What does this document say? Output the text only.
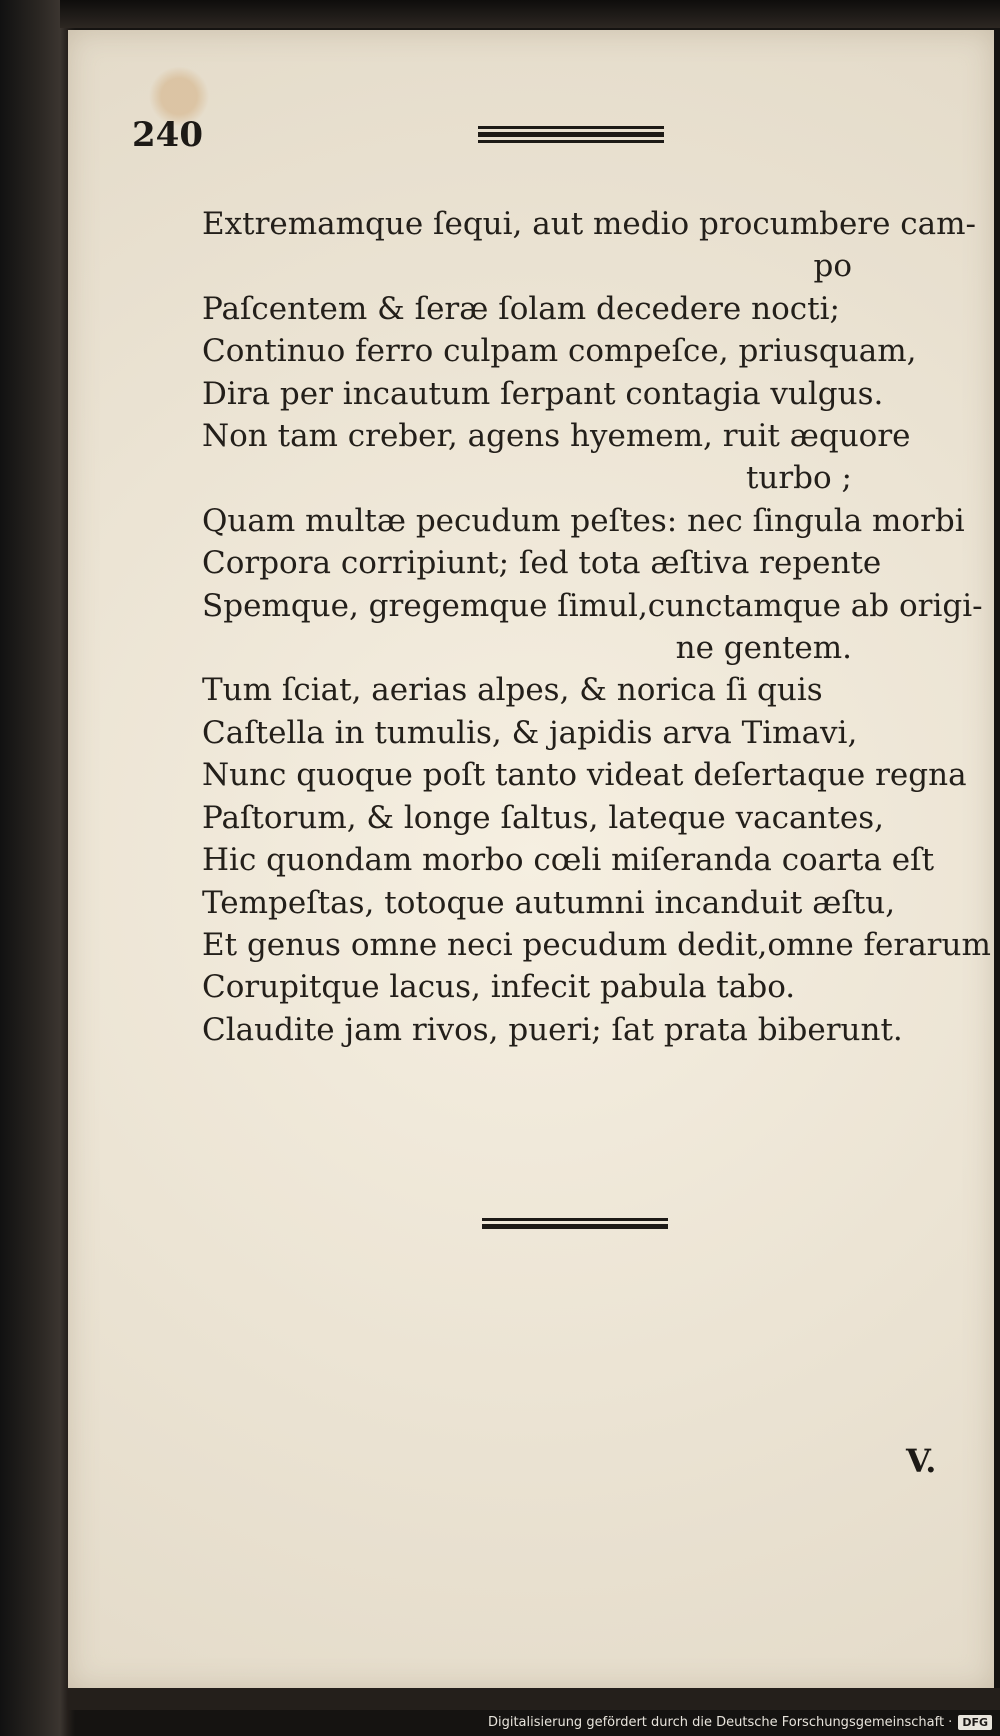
240
Extremamque ſequi, aut medio procumbere cam-
po
Paſcentem & ſeræ ſolam decedere nocti;
Continuo ferro culpam compeſce, priusquam,
Dira per incautum ſerpant contagia vulgus.
Non tam creber, agens hyemem, ruit æquore
turbo ;
Quam multæ pecudum peſtes: nec ſingula morbi
Corpora corripiunt; ſed tota æſtiva repente
Spemque, gregemque ſimul,cunctamque ab origi-
ne gentem.
Tum ſciat, aerias alpes, & norica ſi quis
Caſtella in tumulis, & japidis arva Timavi,
Nunc quoque poſt tanto videat deſertaque regna
Paſtorum, & longe ſaltus, lateque vacantes,
Hic quondam morbo cœli miſeranda coarta eſt
Tempeſtas, totoque autumni incanduit æſtu,
Et genus omne neci pecudum dedit,omne ferarum
Corupitque lacus, infecit pabula tabo.
Claudite jam rivos, pueri; ſat prata biberunt.
V.
Digitalisierung gefördert durch die Deutsche Forschungsgemeinschaft · DFG
